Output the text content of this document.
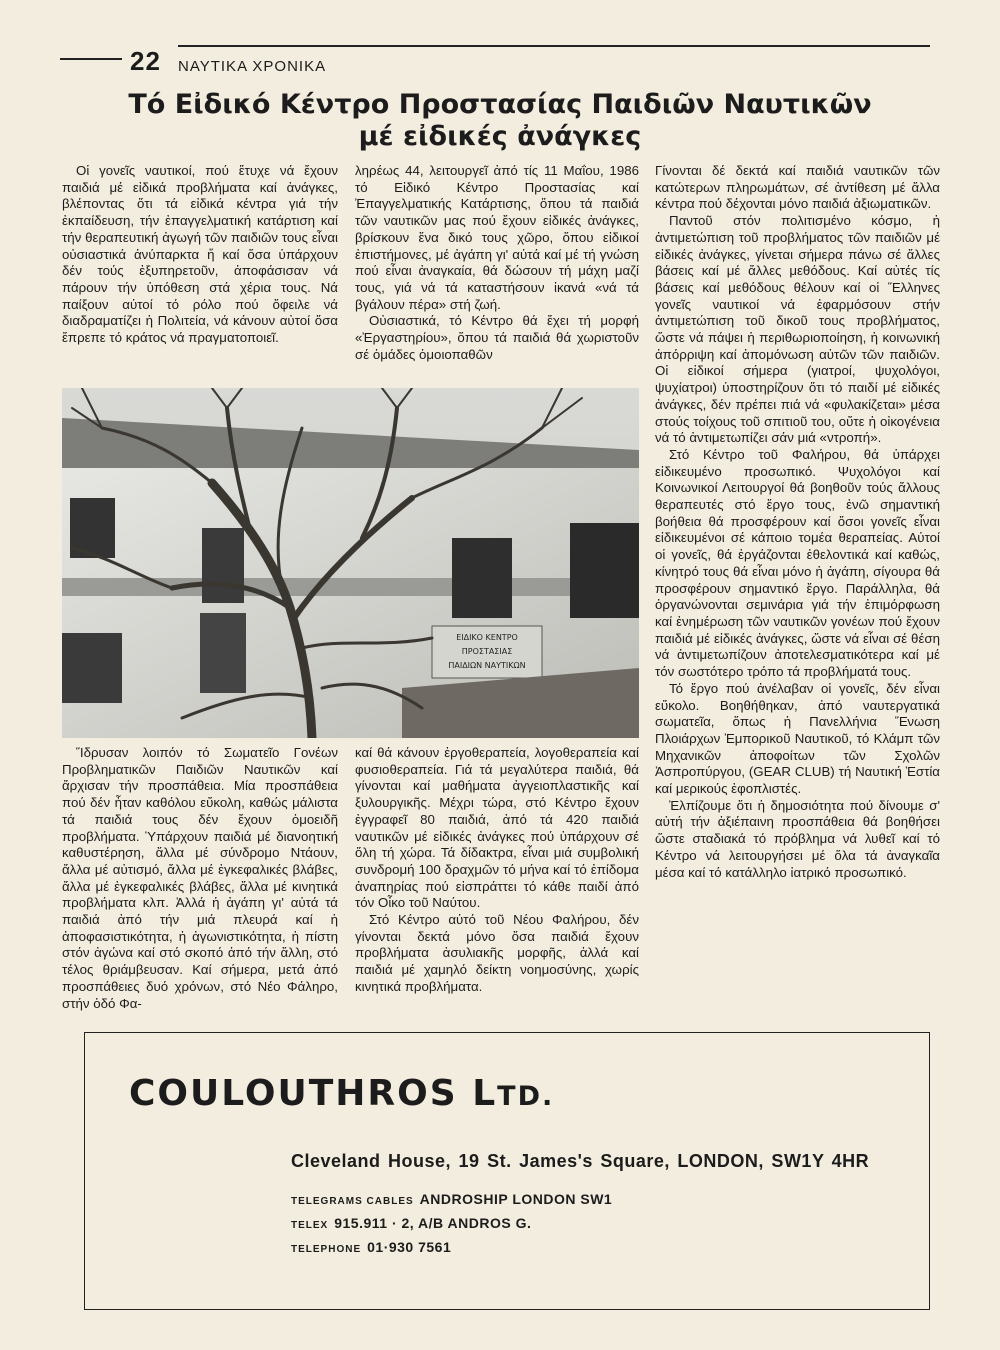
22 ΝΑΥΤΙΚΑ ΧΡΟΝΙΚΑ
Τό Εἰδικό Κέντρο Προστασίας Παιδιῶν Ναυτικῶν
μέ εἰδικές ἀνάγκες

Οἱ γονεῖς ναυτικοί, πού ἔτυχε νά ἔχουν παιδιά μέ εἰδικά προβλήματα καί ἀνάγκες, βλέποντας ὅτι τά εἰδικά κέντρα γιά τήν ἐκπαίδευση, τήν ἐπαγγελματική κατάρτιση καί τήν θεραπευτική ἀγωγή τῶν παιδιῶν τους εἶναι οὐσιαστικά ἀνύπαρκτα ἤ καί ὅσα ὑπάρχουν δέν τούς ἐξυπηρετοῦν, ἀποφάσισαν νά πάρουν τήν ὑπόθεση στά χέρια τους. Νά παίξουν αὐτοί τό ρόλο πού ὄφειλε νά διαδραματίζει ἡ Πολιτεία, νά κάνουν αὐτοί ὅσα ἔπρεπε τό κράτος νά πραγματοποιεῖ.

ληρέως 44, λειτουργεῖ ἀπό τίς 11 Μαΐου, 1986 τό Εἰδικό Κέντρο Προστασίας καί Ἐπαγγελματικής Κατάρτισης, ὅπου τά παιδιά τῶν ναυτικῶν μας πού ἔχουν εἰδικές ἀνάγκες, βρίσκουν ἕνα δικό τους χῶρο, ὅπου εἰδικοί ἐπιστήμονες, μέ ἀγάπη γι' αὐτά καί μέ τή γνώση πού εἶναι ἀναγκαία, θά δώσουν τή μάχη μαζί τους, γιά νά τά καταστήσουν ἱκανά «νά τά βγάλουν πέρα» στή ζωή.

Οὐσιαστικά, τό Κέντρο θά ἔχει τή μορφή «Ἐργαστηρίου», ὅπου τά παιδιά θά χωριστοῦν σέ ὁμάδες ὁμοιοπαθῶν

ΕΙΔΙΚΟ ΚΕΝΤΡΟ
ΠΡΟΣΤΑΣΙΑΣ
ΠΑΙΔΙΩΝ ΝΑΥΤΙΚΩΝ

Γίνονται δέ δεκτά καί παιδιά ναυτικῶν τῶν κατώτερων πληρωμάτων, σέ ἀντίθεση μέ ἄλλα κέντρα πού δέχονται μόνο παιδιά ἀξιωματικῶν.

Παντοῦ στόν πολιτισμένο κόσμο, ἡ ἀντιμετώπιση τοῦ προβλήματος τῶν παιδιῶν μέ εἰδικές ἀνάγκες, γίνεται σήμερα πάνω σέ ἄλλες βάσεις καί μέ ἄλλες μεθόδους. Καί αὐτές τίς βάσεις καί μεθόδους θέλουν καί οἱ Ἕλληνες γονεῖς ναυτικοί νά ἐφαρμόσουν στήν ἀντιμετώπιση τοῦ δικοῦ τους προβλήματος, ὥστε νά πάψει ἡ περιθωριοποίηση, ἡ κοινωνική ἀπόρριψη καί ἀπομόνωση αὐτῶν τῶν παιδιῶν. Οἱ εἰδικοί σήμερα (γιατροί, ψυχολόγοι, ψυχίατροι) ὑποστηρίζουν ὅτι τό παιδί μέ εἰδικές ἀνάγκες, δέν πρέπει πιά νά «φυλακίζεται» μέσα στούς τοίχους τοῦ σπιτιοῦ του, οὔτε ἡ οἰκογένεια νά τό ἀντιμετωπίζει σάν μιά «ντροπή».

Στό Κέντρο τοῦ Φαλήρου, θά ὑπάρχει εἰδικευμένο προσωπικό. Ψυχολόγοι καί Κοινωνικοί Λειτουργοί θά βοηθοῦν τούς ἄλλους θεραπευτές στό ἔργο τους, ἐνῶ σημαντική βοήθεια θά προσφέρουν καί ὅσοι γονεῖς εἶναι εἰδικευμένοι σέ κάποιο τομέα θεραπείας. Αὐτοί οἱ γονεῖς, θά ἐργάζονται ἐθελοντικά καί καθώς, κίνητρό τους θά εἶναι μόνο ἡ ἀγάπη, σίγουρα θά προσφέρουν σημαντικό ἔργο. Παράλληλα, θά ὀργανώνονται σεμινάρια γιά τήν ἐπιμόρφωση καί ἐνημέρωση τῶν ναυτικῶν γονέων πού ἔχουν παιδιά μέ εἰδικές ἀνάγκες, ὥστε νά εἶναι σέ θέση νά ἀντιμετωπίζουν ἀποτελεσματικότερα καί μέ τόν σωστότερο τρόπο τά προβλήματά τους.

Τό ἔργο πού ἀνέλαβαν οἱ γονεῖς, δέν εἶναι εὔκολο. Βοηθήθηκαν, ἀπό ναυτεργατικά σωματεῖα, ὅπως ἡ Πανελλήνια Ἕνωση Πλοιάρχων Ἐμπορικοῦ Ναυτικοῦ, τό Κλάμπ τῶν Μηχανικῶν ἀποφοίτων τῶν Σχολῶν Ἀσπροπύργου, (GEAR CLUB) τή Ναυτική Ἑστία καί μερικούς ἐφοπλιστές.

Ἐλπίζουμε ὅτι ἡ δημοσιότητα πού δίνουμε σ' αὐτή τήν ἀξιέπαινη προσπάθεια θά βοηθήσει ὥστε σταδιακά τό πρόβλημα νά λυθεῖ καί τό Κέντρο νά λειτουργήσει μέ ὅλα τά ἀναγκαῖα μέσα καί τό κατάλληλο ἰατρικό προσωπικό.

Ἵδρυσαν λοιπόν τό Σωματεῖο Γονέων Προβληματικῶν Παιδιῶν Ναυτικῶν καί ἄρχισαν τήν προσπάθεια. Μία προσπάθεια πού δέν ἦταν καθόλου εὔκολη, καθώς μάλιστα τά παιδιά τους δέν ἔχουν ὁμοειδῆ προβλήματα. Ὑπάρχουν παιδιά μέ διανοητική καθυστέρηση, ἄλλα μέ σύνδρομο Ντάουν, ἄλλα μέ αὐτισμό, ἄλλα μέ ἐγκεφαλικές βλάβες, ἄλλα μέ ἐγκεφαλικές βλάβες, ἄλλα μέ κινητικά προβλήματα κλπ. Ἀλλά ἡ ἀγάπη γι' αὐτά τά παιδιά ἀπό τήν μιά πλευρά καί ἡ ἀποφασιστικότητα, ἡ ἀγωνιστικότητα, ἡ πίστη στόν ἀγώνα καί στό σκοπό ἀπό τήν ἄλλη, στό τέλος θριάμβευσαν. Καί σήμερα, μετά ἀπό προσπάθειες δυό χρόνων, στό Νέο Φάληρο, στήν ὁδό Φα-

καί θά κάνουν ἐργοθεραπεία, λογοθεραπεία καί φυσιοθεραπεία. Γιά τά μεγαλύτερα παιδιά, θά γίνονται καί μαθήματα ἀγγειοπλαστικῆς καί ξυλουργικῆς. Μέχρι τώρα, στό Κέντρο ἔχουν ἐγγραφεῖ 80 παιδιά, ἀπό τά 420 παιδιά ναυτικῶν μέ εἰδικές ἀνάγκες πού ὑπάρχουν σέ ὅλη τή χώρα. Τά δίδακτρα, εἶναι μιά συμβολική συνδρομή 100 δραχμῶν τό μήνα καί τό ἐπίδομα ἀναπηρίας πού εἰσπράττει τό κάθε παιδί ἀπό τόν Οἶκο τοῦ Ναύτου.

Στό Κέντρο αὐτό τοῦ Νέου Φαλήρου, δέν γίνονται δεκτά μόνο ὅσα παιδιά ἔχουν προβλήματα ἀσυλιακῆς μορφῆς, ἀλλά καί παιδιά μέ χαμηλό δείκτη νοημοσύνης, χωρίς κινητικά προβλήματα.

COULOUTHROS LTD.
Cleveland House, 19 St. James's Square, LONDON, SW1Y 4HR
TELEGRAMS CABLES ANDROSHIP LONDON SW1
TELEX 915.911 · 2, A/B ANDROS G.
TELEPHONE 01·930 7561
